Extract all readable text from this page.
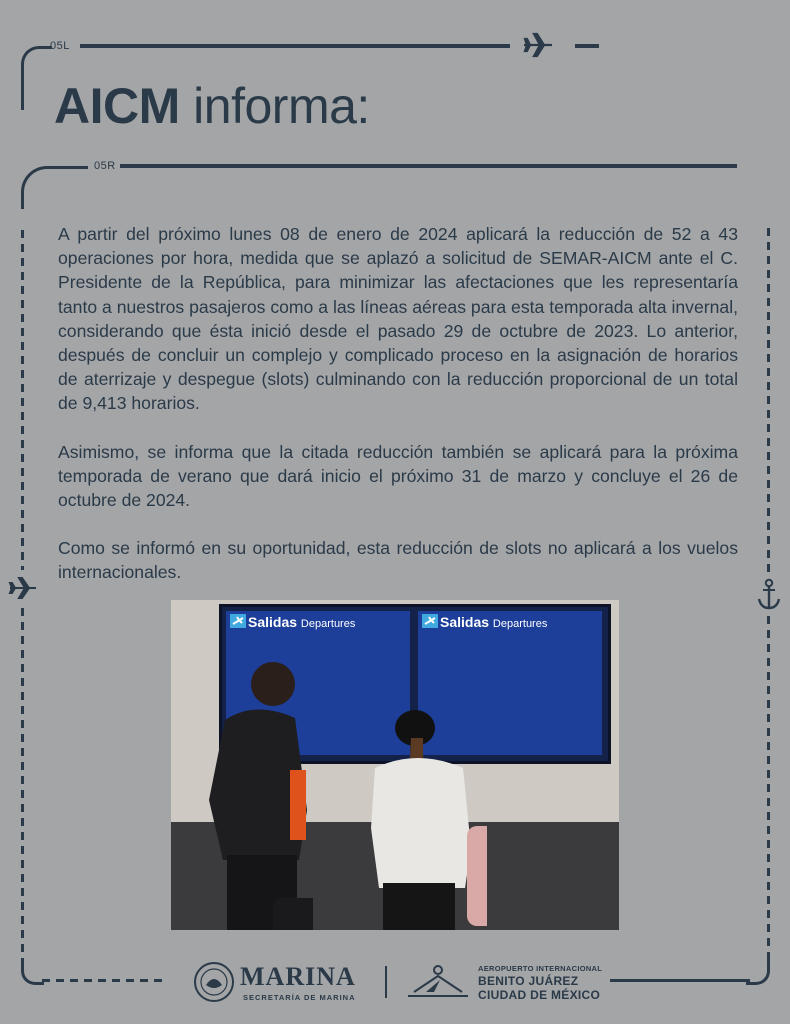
05L
AICM informa:
05R

A partir del próximo lunes 08 de enero de 2024 aplicará la reducción de 52 a 43 operaciones por hora, medida que se aplazó a solicitud de SEMAR-AICM ante el C. Presidente de la República, para minimizar las afectaciones que les representaría tanto a nuestros pasajeros como a las líneas aéreas para esta temporada alta invernal, considerando que ésta inició desde el pasado 29 de octubre de 2023. Lo anterior, después de concluir un complejo y complicado proceso en la asignación de horarios de aterrizaje y despegue (slots) culminando con la reducción proporcional de un total de 9,413 horarios.

Asimismo, se informa que la citada reducción también se aplicará para la próxima temporada de verano que dará inicio el próximo 31 de marzo y concluye el 26 de octubre de 2024.

Como se informó en su oportunidad, esta reducción de slots no aplicará a los vuelos internacionales.

Salidas Departures	Salidas Departures
MARINA
SECRETARÍA DE MARINA
AEROPUERTO INTERNACIONAL
BENITO JUÁREZ
CIUDAD DE MÉXICO
